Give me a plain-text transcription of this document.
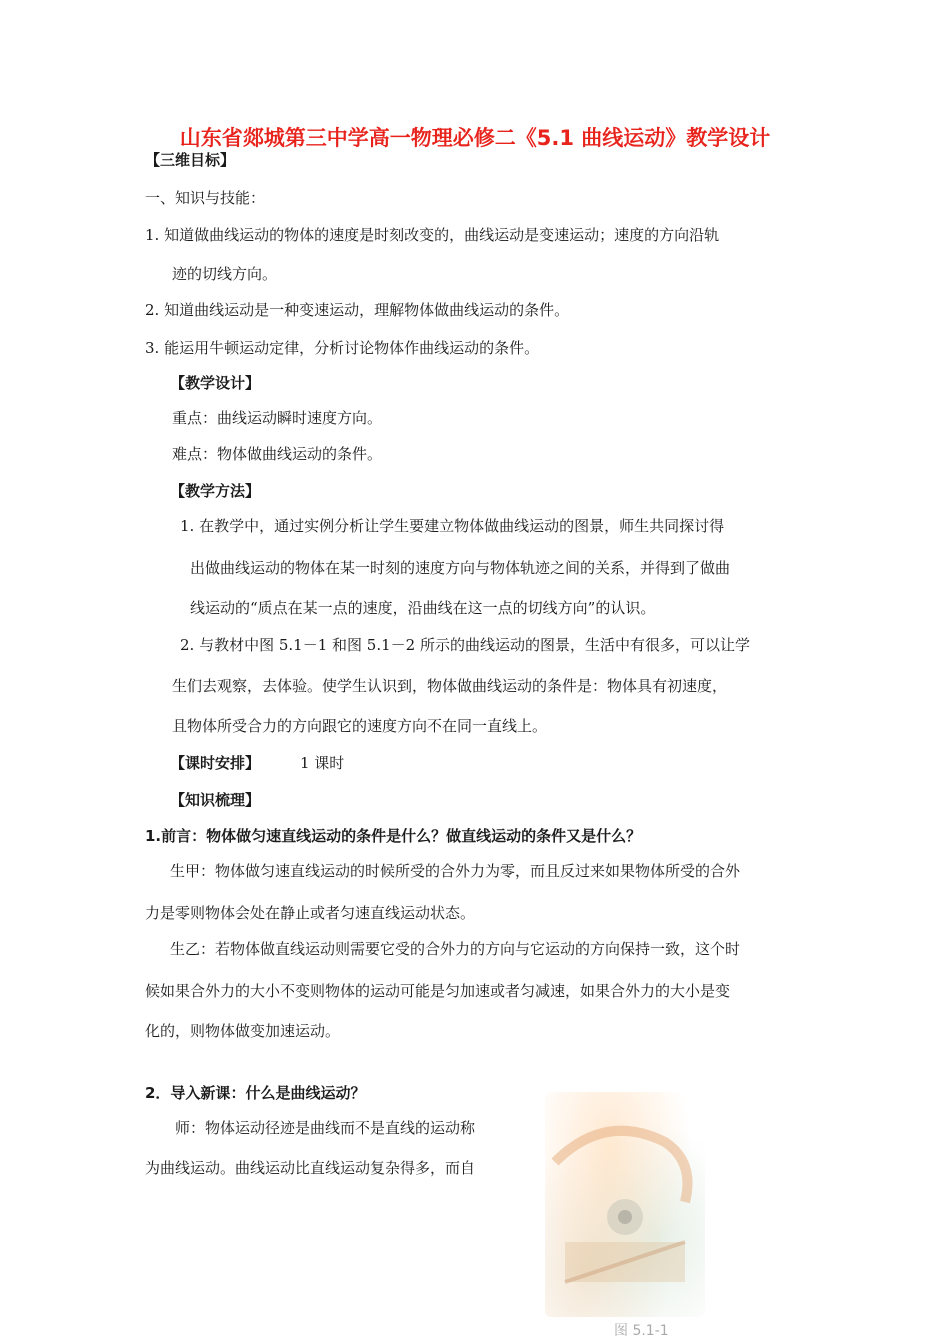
山东省郯城第三中学高一物理必修二《5.1 曲线运动》教学设计
【三维目标】
一、知识与技能：
1. 知道做曲线运动的物体的速度是时刻改变的，曲线运动是变速运动；速度的方向沿轨
迹的切线方向。
2. 知道曲线运动是一种变速运动，理解物体做曲线运动的条件。
3. 能运用牛顿运动定律，分析讨论物体作曲线运动的条件。
【教学设计】
重点：曲线运动瞬时速度方向。
难点：物体做曲线运动的条件。
【教学方法】
1. 在教学中，通过实例分析让学生要建立物体做曲线运动的图景，师生共同探讨得
出做曲线运动的物体在某一时刻的速度方向与物体轨迹之间的关系，并得到了做曲
线运动的“质点在某一点的速度，沿曲线在这一点的切线方向”的认识。
2. 与教材中图 5.1－1 和图 5.1－2 所示的曲线运动的图景，生活中有很多，可以让学
生们去观察，去体验。使学生认识到，物体做曲线运动的条件是：物体具有初速度，
且物体所受合力的方向跟它的速度方向不在同一直线上。
【课时安排】	1 课时
【知识梳理】
1.前言：物体做匀速直线运动的条件是什么？做直线运动的条件又是什么？
生甲：物体做匀速直线运动的时候所受的合外力为零，而且反过来如果物体所受的合外
力是零则物体会处在静止或者匀速直线运动状态。
生乙：若物体做直线运动则需要它受的合外力的方向与它运动的方向保持一致，这个时
候如果合外力的大小不变则物体的运动可能是匀加速或者匀减速，如果合外力的大小是变
化的，则物体做变加速运动。
2．导入新课：什么是曲线运动？
师：物体运动径迹是曲线而不是直线的运动称
为曲线运动。曲线运动比直线运动复杂得多，而自
图 5.1-1
